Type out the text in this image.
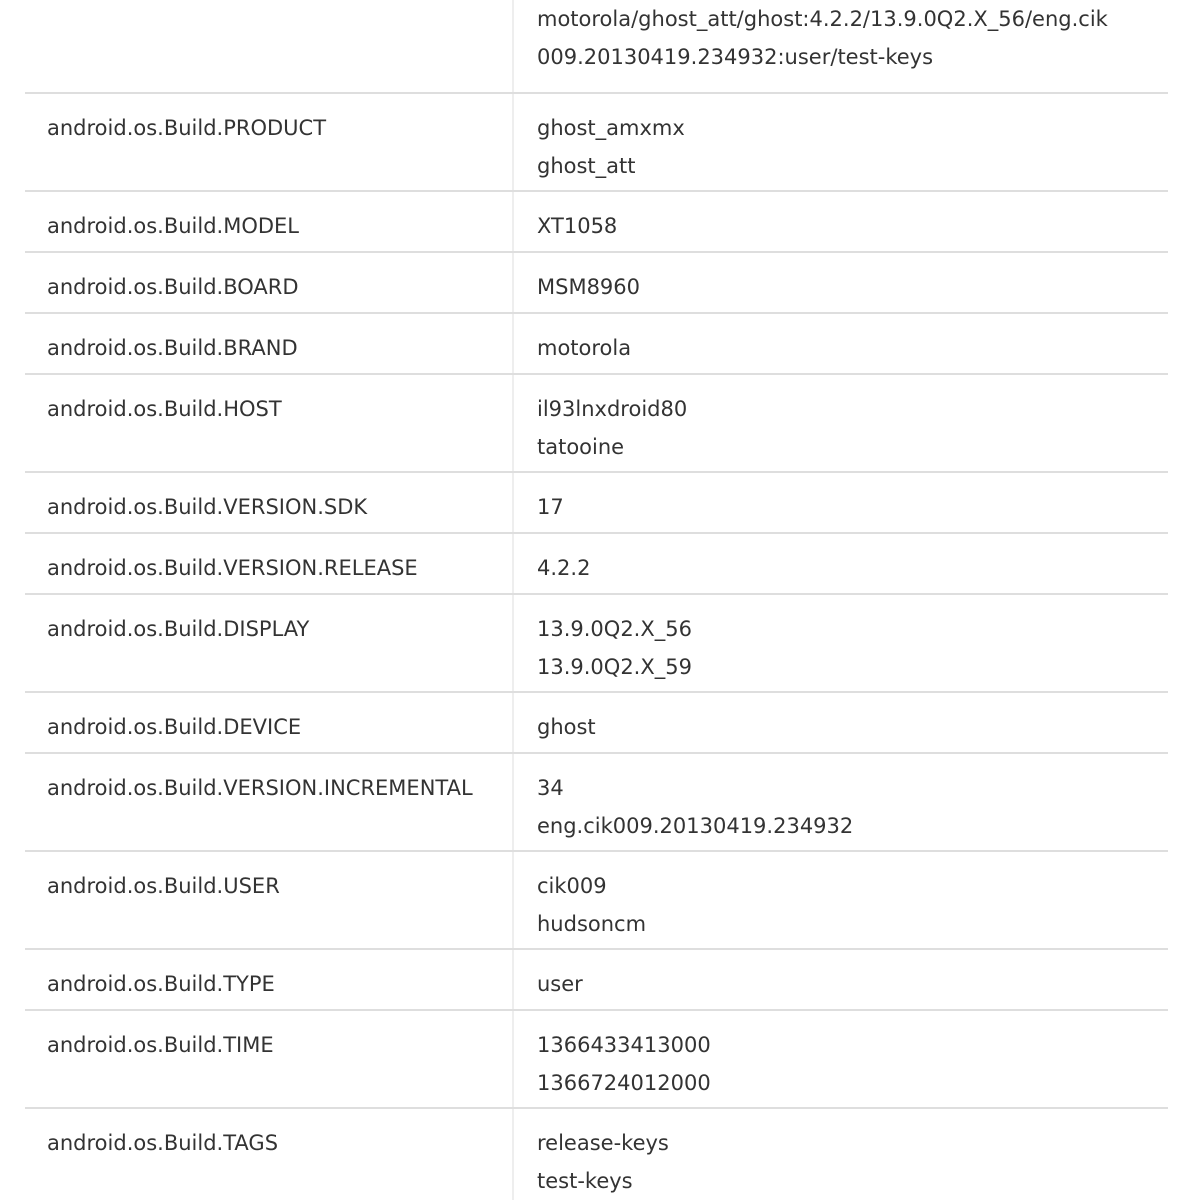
motorola/ghost_att/ghost:4.2.2/13.9.0Q2.X_56/eng.cik
009.20130419.234932:user/test-keys
android.os.Build.PRODUCT	ghost_amxmx
ghost_att
android.os.Build.MODEL	XT1058
android.os.Build.BOARD	MSM8960
android.os.Build.BRAND	motorola
android.os.Build.HOST	il93lnxdroid80
tatooine
android.os.Build.VERSION.SDK	17
android.os.Build.VERSION.RELEASE	4.2.2
android.os.Build.DISPLAY	13.9.0Q2.X_56
13.9.0Q2.X_59
android.os.Build.DEVICE	ghost
android.os.Build.VERSION.INCREMENTAL	34
eng.cik009.20130419.234932
android.os.Build.USER	cik009
hudsoncm
android.os.Build.TYPE	user
android.os.Build.TIME	1366433413000
1366724012000
android.os.Build.TAGS	release-keys
test-keys
